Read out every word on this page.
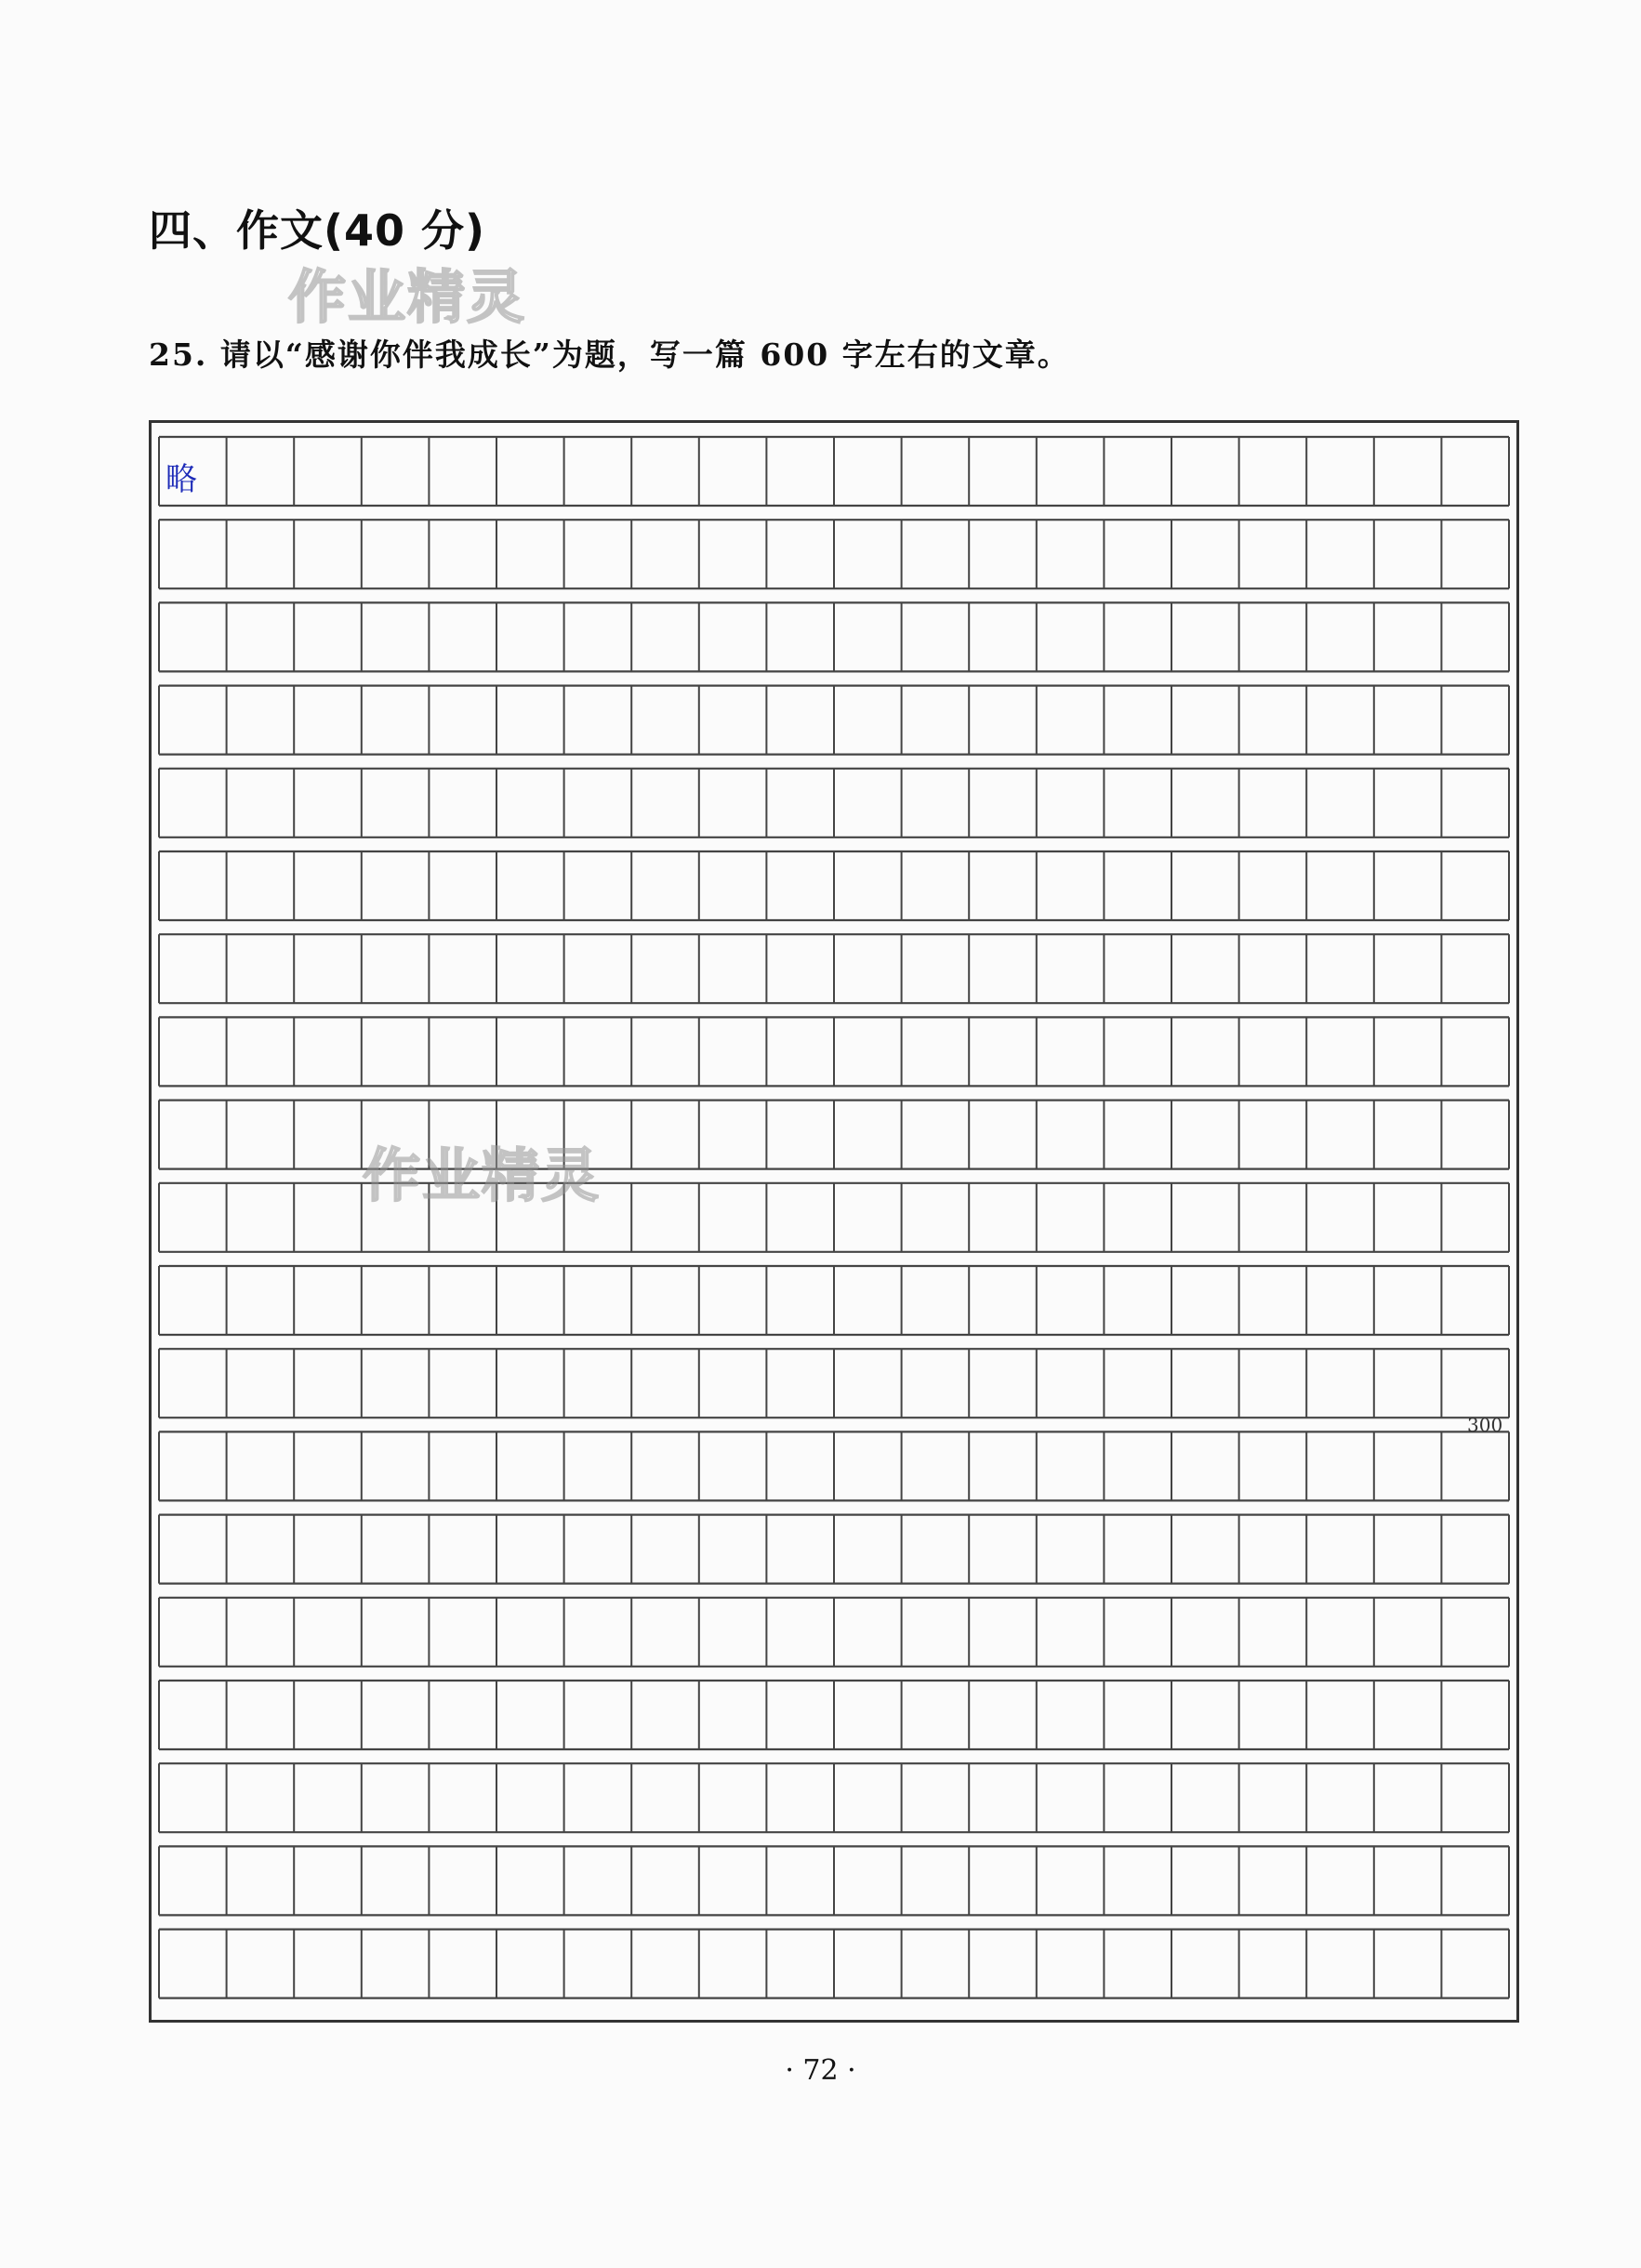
四、作文(40 分)
作业精灵
25. 请以“感谢你伴我成长”为题，写一篇 600 字左右的文章。
略
300
作业精灵
· 72 ·
